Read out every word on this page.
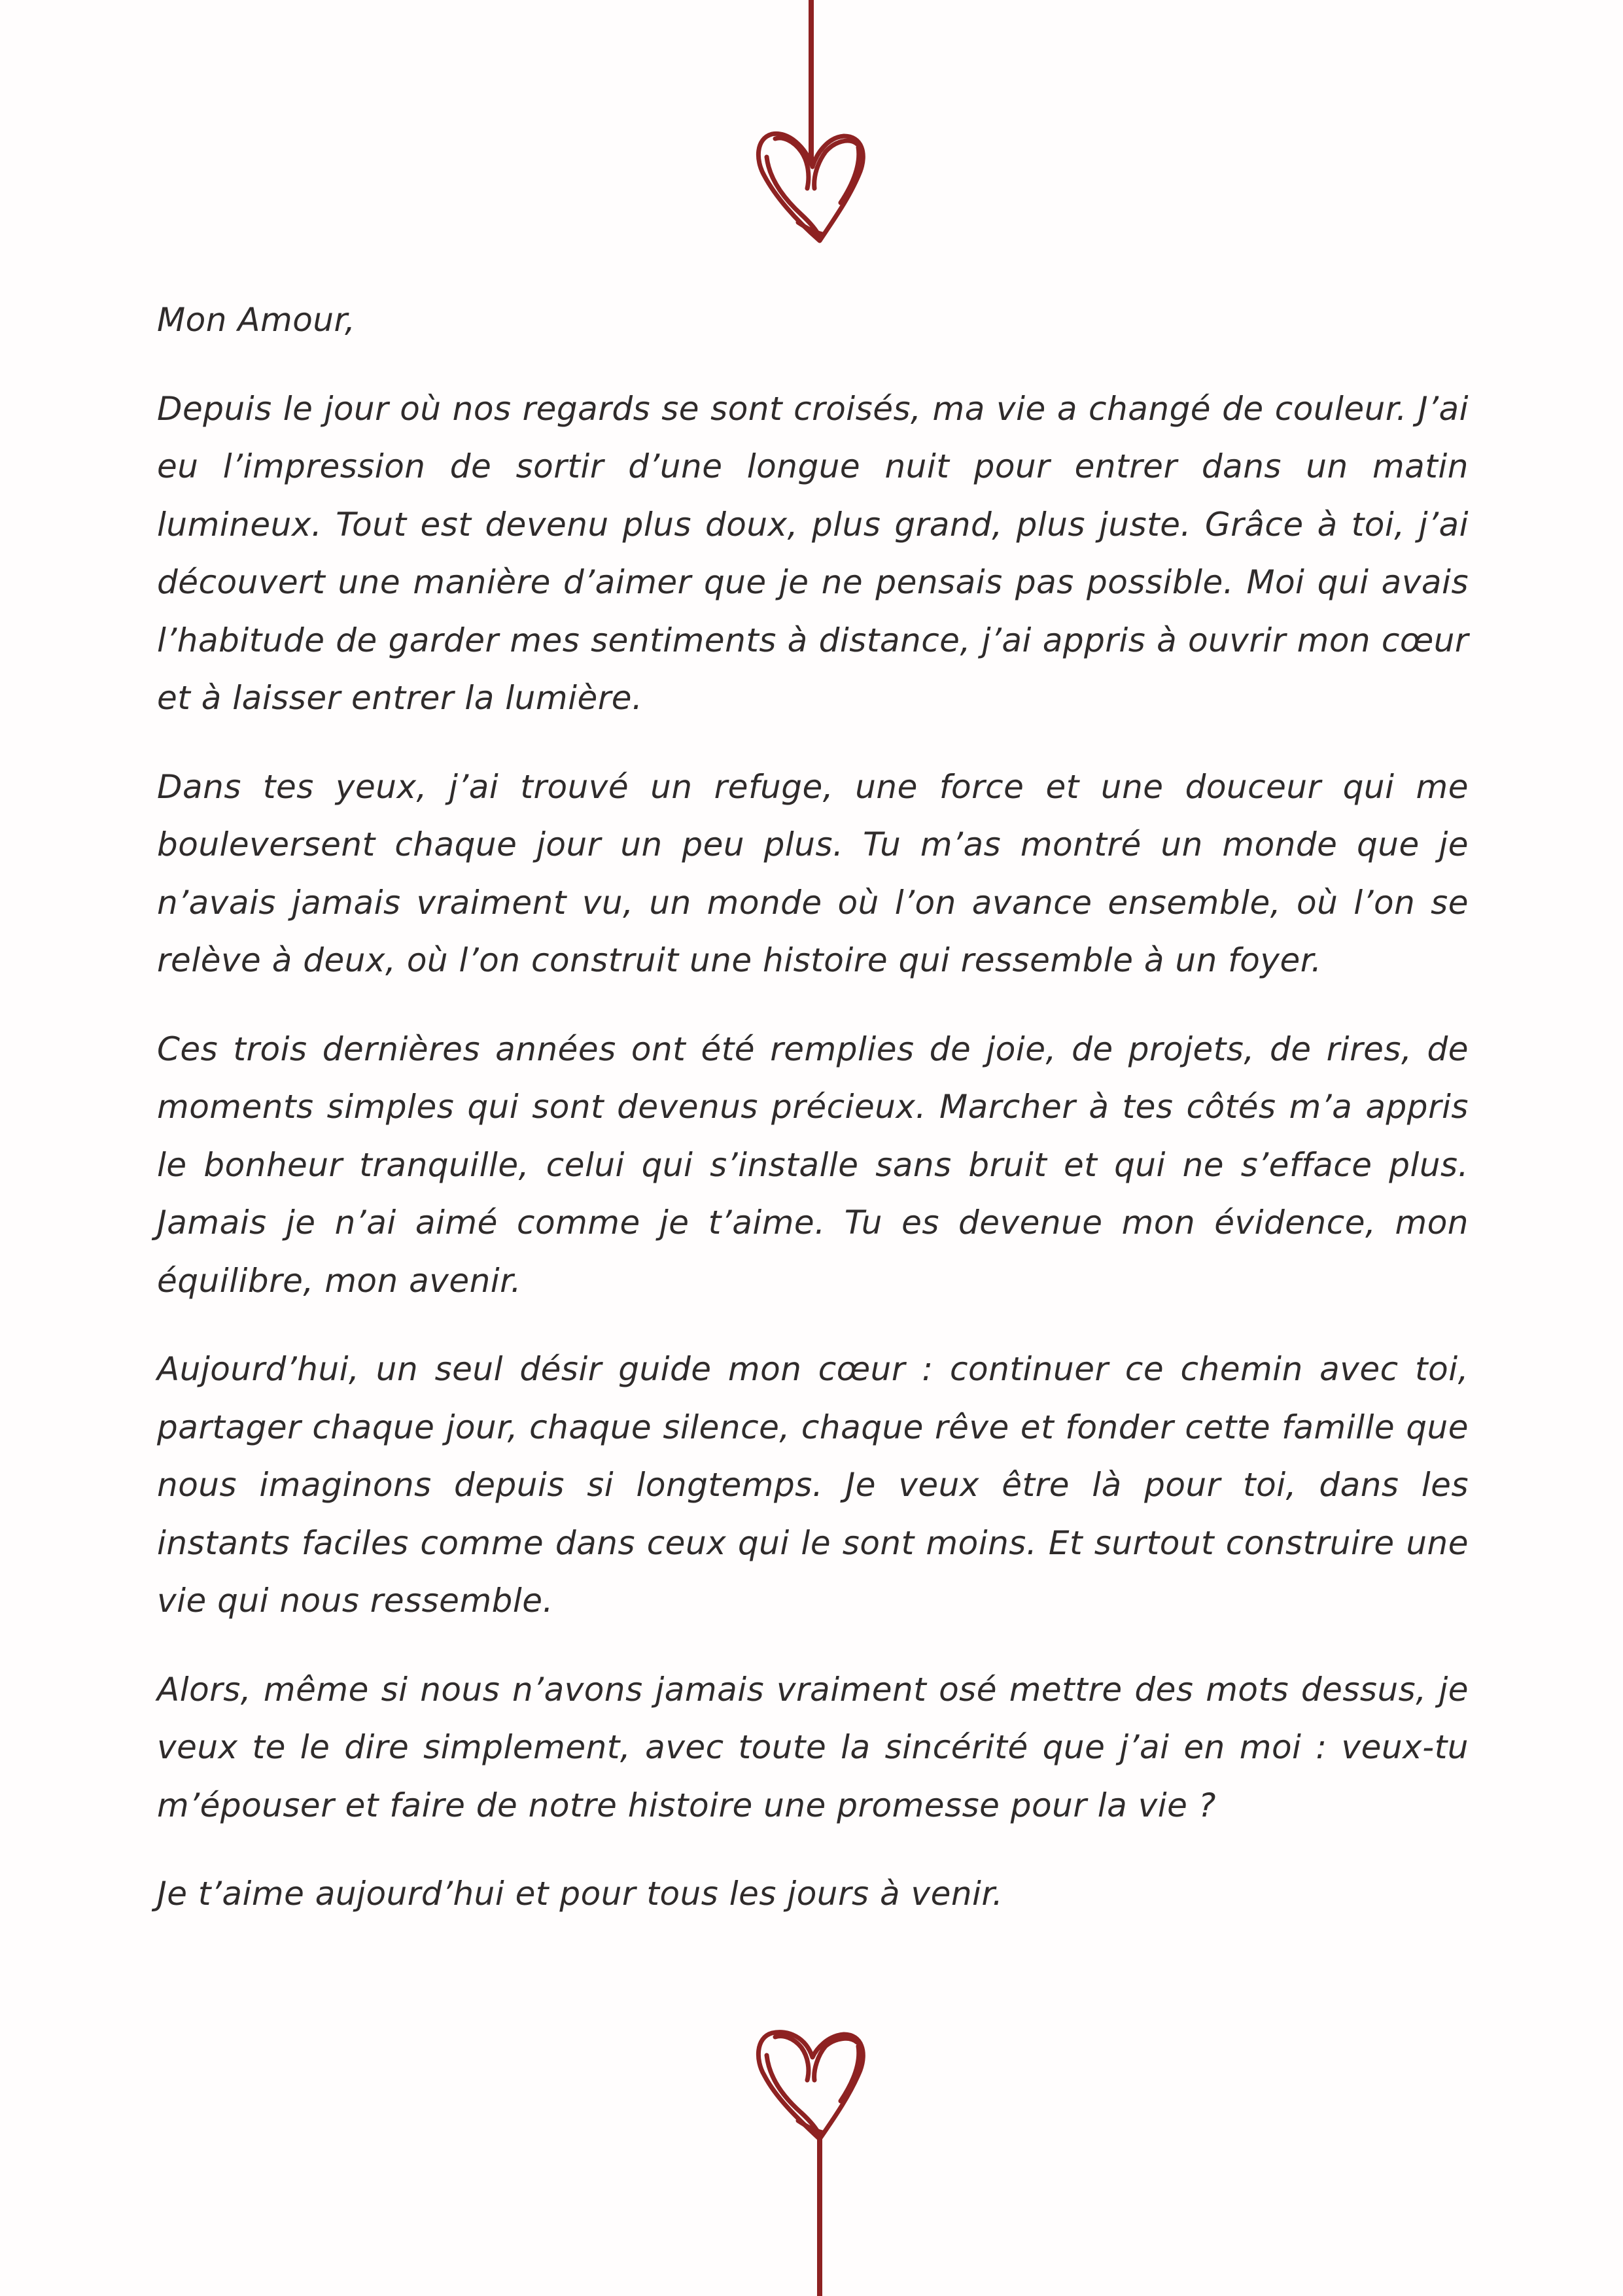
Mon Amour,

Depuis le jour où nos regards se sont croisés, ma vie a changé de couleur. J’ai eu l’impression de sortir d’une longue nuit pour entrer dans un matin lumineux. Tout est devenu plus doux, plus grand, plus juste. Grâce à toi, j’ai découvert une manière d’aimer que je ne pensais pas possible. Moi qui avais l’habitude de garder mes sentiments à distance, j’ai appris à ouvrir mon cœur et à laisser entrer la lumière.

Dans tes yeux, j’ai trouvé un refuge, une force et une douceur qui me bouleversent chaque jour un peu plus. Tu m’as montré un monde que je n’avais jamais vraiment vu, un monde où l’on avance ensemble, où l’on se relève à deux, où l’on construit une histoire qui ressemble à un foyer.

Ces trois dernières années ont été remplies de joie, de projets, de rires, de moments simples qui sont devenus précieux. Marcher à tes côtés m’a appris le bonheur tranquille, celui qui s’installe sans bruit et qui ne s’efface plus. Jamais je n’ai aimé comme je t’aime. Tu es devenue mon évidence, mon équilibre, mon avenir.

Aujourd’hui, un seul désir guide mon cœur : continuer ce chemin avec toi, partager chaque jour, chaque silence, chaque rêve et fonder cette famille que nous imaginons depuis si longtemps. Je veux être là pour toi, dans les instants faciles comme dans ceux qui le sont moins. Et surtout construire une vie qui nous ressemble.

Alors, même si nous n’avons jamais vraiment osé mettre des mots dessus, je veux te le dire simplement, avec toute la sincérité que j’ai en moi : veux-tu m’épouser et faire de notre histoire une promesse pour la vie ?

Je t’aime aujourd’hui et pour tous les jours à venir.
